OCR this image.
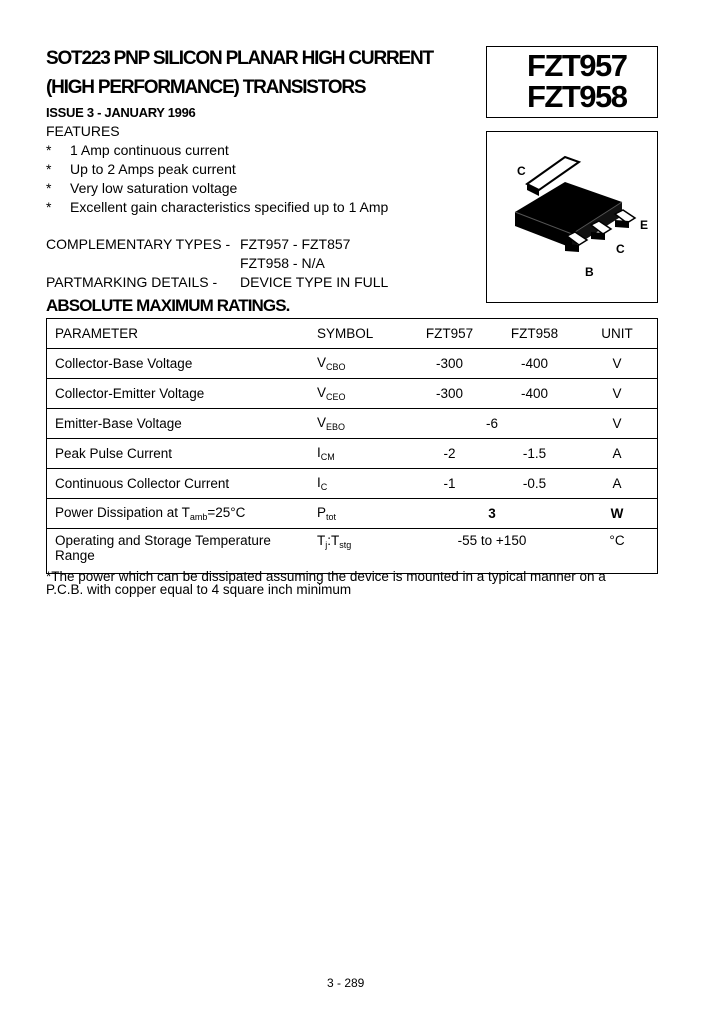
SOT223 PNP SILICON PLANAR HIGH CURRENT
(HIGH PERFORMANCE) TRANSISTORS
ISSUE 3 - JANUARY 1996
FZT957
FZT958
FEATURES
* 1 Amp continuous current
* Up to 2 Amps peak current
* Very low saturation voltage
* Excellent gain characteristics specified up to 1 Amp
COMPLEMENTARY TYPES - FZT957 - FZT857
FZT958 - N/A
PARTMARKING DETAILS - DEVICE TYPE IN FULL
C
E
C
B
ABSOLUTE MAXIMUM RATINGS.
PARAMETER	SYMBOL	FZT957	FZT958	UNIT
Collector-Base Voltage	$V_{CBO}$	-300	-400	V
Collector-Emitter Voltage	$V_{CEO}$	-300	-400	V
Emitter-Base Voltage	$V_{EBO}$	-6		V
Peak Pulse Current	$I_{CM}$	-2	-1.5	A
Continuous Collector Current	$I_C$	-1	-0.5	A
Power Dissipation at $T_{amb}=25^\circ C$	$P_{tot}$	3		W
Operating and Storage Temperature Range	$T_j:T_{stg}$	-55 to +150		°C
*The power which can be dissipated assuming the device is mounted in a typical manner on a
P.C.B. with copper equal to 4 square inch minimum
3 - 289
